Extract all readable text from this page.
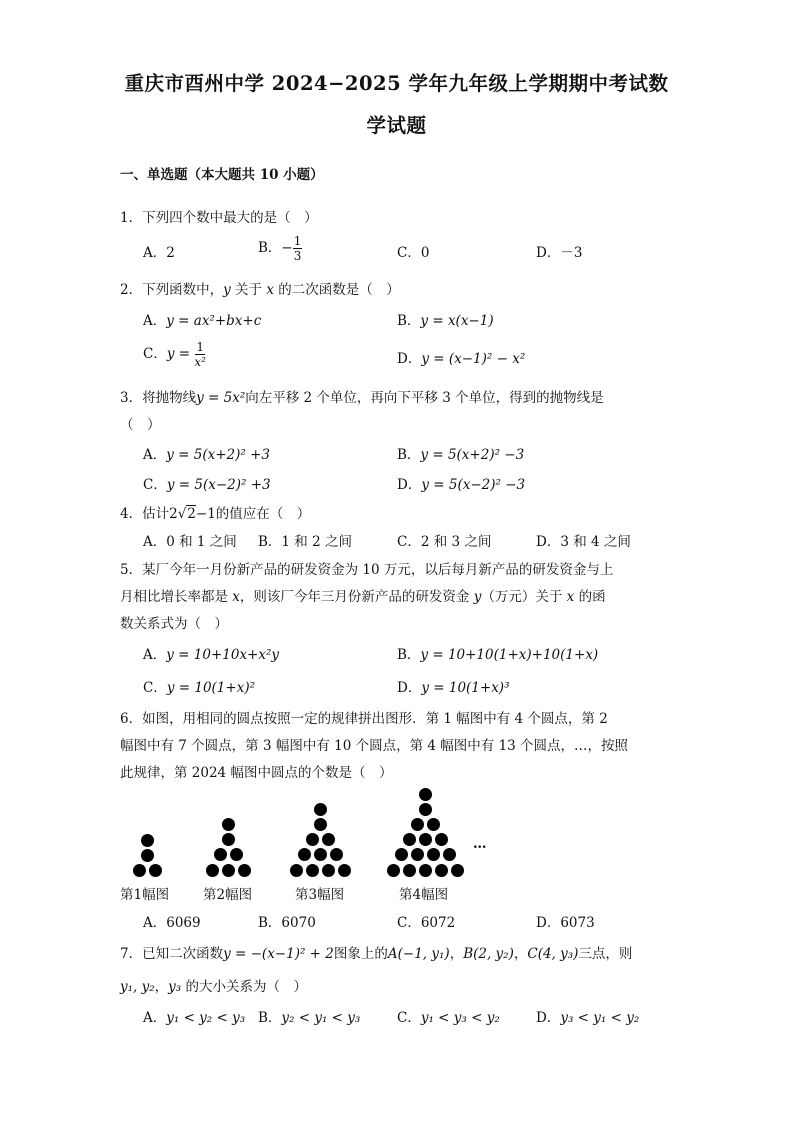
重庆市酉州中学 2024−2025 学年九年级上学期期中考试数
学试题
一、单选题（本大题共 10 小题）
1．下列四个数中最大的是（　）
A．2	B．− $\frac{1}{3}$	C．0	D．－3
2．下列函数中，y 关于 x 的二次函数是（　）
A．y = ax²+bx+c	B．y = x(x−1)
C．$y = \frac{1}{\text{x²}}$	D．y = (x−1)² − x²
3．将抛物线y = 5x²向左平移 2 个单位，再向下平移 3 个单位，得到的抛物线是
（　）
A．y = 5(x+2)² +3	B．y = 5(x+2)² −3
C．y = 5(x−2)² +3	D．y = 5(x−2)² −3
4．估计2√2−1的值应在（　）
A．0 和 1 之间 B．1 和 2 之间	C．2 和 3 之间	D．3 和 4 之间
5．某厂今年一月份新产品的研发资金为 10 万元，以后每月新产品的研发资金与上
月相比增长率都是 x，则该厂今年三月份新产品的研发资金 y（万元）关于 x 的函
数关系式为（　）
A．y = 10+10x+x²y	B．y = 10+10(1+x)+10(1+x)
C．y = 10(1+x)²	D．y = 10(1+x)³
6．如图，用相同的圆点按照一定的规律拼出图形．第 1 幅图中有 4 个圆点，第 2
幅图中有 7 个圆点，第 3 幅图中有 10 个圆点，第 4 幅图中有 13 个圆点，…，按照
此规律，第 2024 幅图中圆点的个数是（　）
…
第1幅图	第2幅图	第3幅图	第4幅图
A．6069	B．6070	C．6072	D．6073
7．已知二次函数y = −(x−1)² + 2图象上的A(−1, y₁)，B(2, y₂)，C(4, y₃)三点，则
y₁, y₂，y₃ 的大小关系为（　）
A．y₁ < y₂ < y₃ B．y₂ < y₁ < y₃	C．y₁ < y₃ < y₂	D．y₃ < y₁ < y₂
